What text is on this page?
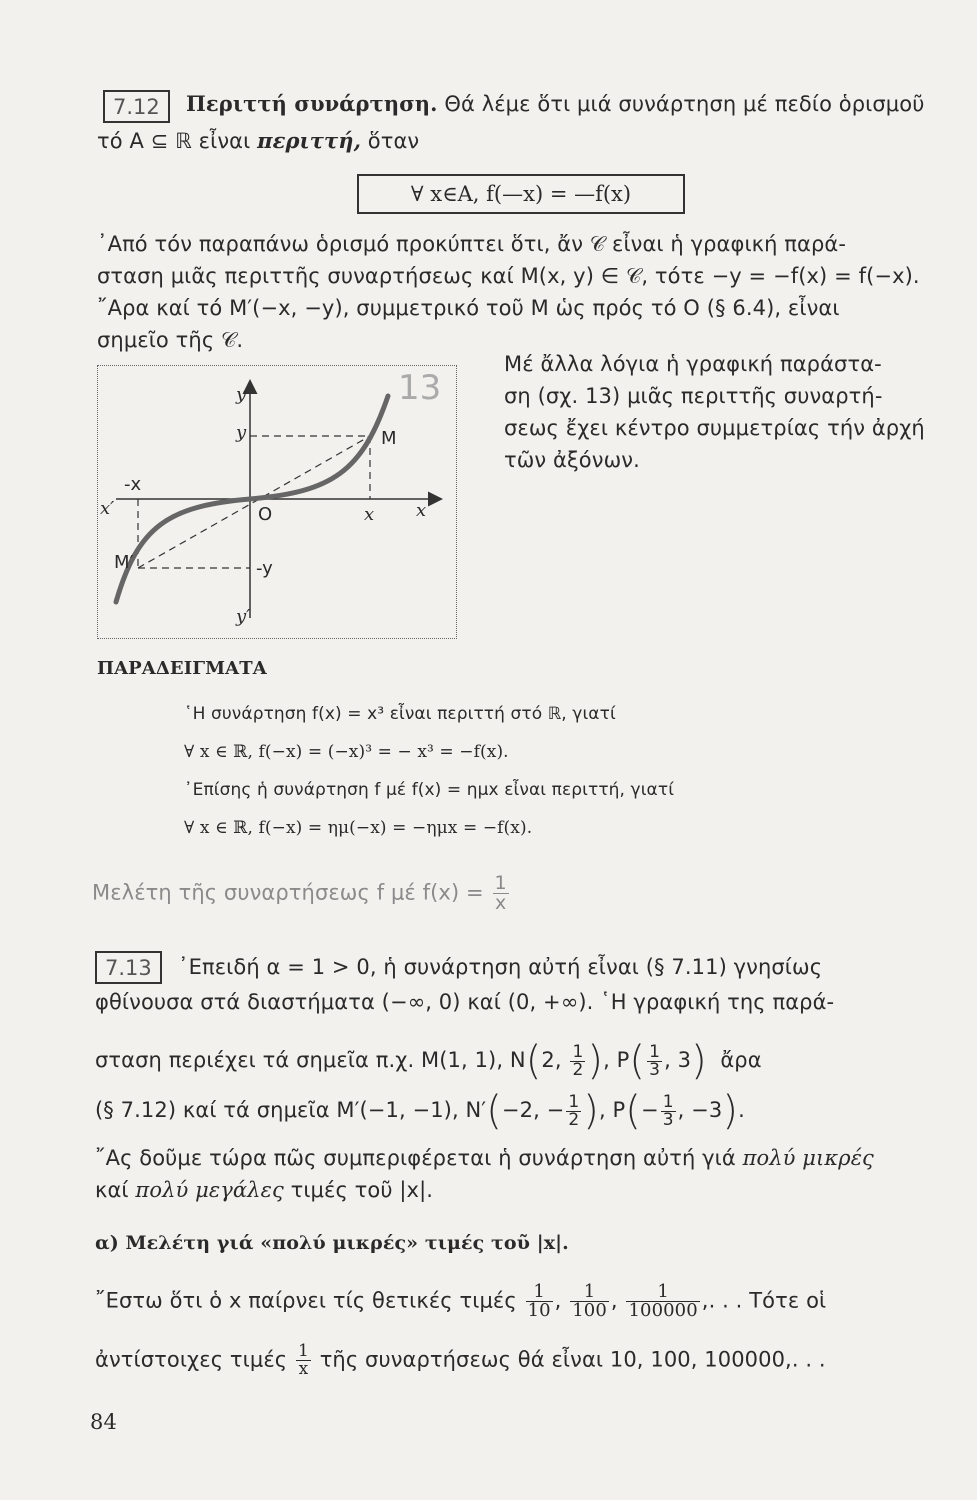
7.12	Περιττή συνάρτηση. Θά λέμε ὅτι μιά συνάρτηση μέ πεδίο ὁρισμοῦ
τό A ⊆ ℝ εἶναι περιττή, ὅταν
∀ x∈A, f(—x) = —f(x)
᾿Από τόν παραπάνω ὁρισμό προκύπτει ὅτι, ἄν 𝒞 εἶναι ἡ γραφική παρά-
σταση μιᾶς περιττῆς συναρτήσεως καί M(x, y) ∈ 𝒞, τότε −y = −f(x) = f(−x).
῎Αρα καί τό M′(−x, −y), συμμετρικό τοῦ M ὡς πρός τό O (§ 6.4), εἶναι
σημεῖο τῆς 𝒞.
13
y
y	M
-x
x′	O	x x
M′	-y
y′
Μέ ἄλλα λόγια ἡ γραφική παράστα-
ση (σχ. 13) μιᾶς περιττῆς συναρτή-
σεως ἔχει κέντρο συμμετρίας τήν ἀρχή
τῶν ἀξόνων.
ΠΑΡΑΔΕΙΓΜΑΤΑ
῾Η συνάρτηση f(x) = x³ εἶναι περιττή στό ℝ, γιατί
∀ x ∈ ℝ, f(−x) = (−x)³ = − x³ = −f(x).
᾿Επίσης ἡ συνάρτηση f μέ f(x) = ημx εἶναι περιττή, γιατί
∀ x ∈ ℝ, f(−x) = ημ(−x) = −ημx = −f(x).
Μελέτη τῆς συναρτήσεως f μέ $f(x) = \frac{1}{x}$
7.13	᾿Επειδή α = 1 > 0, ἡ συνάρτηση αὐτή εἶναι (§ 7.11) γνησίως
φθίνουσα στά διαστήματα (−∞, 0) καί (0, +∞). ῾Η γραφική της παρά-
σταση περιέχει τά σημεῖα π.χ. M(1, 1), N(2, $\frac{1}{2}$ ), $P( \frac{1}{3}$ , 3) ἄρα
(§ 7.12) καί τά σημεῖα M′(−1, −1), N′(−2, − $\frac{1}{2}$ ), $P(- \frac{1}{3}$ , −3).
῎Ας δοῦμε τώρα πῶς συμπεριφέρεται ἡ συνάρτηση αὐτή γιά πολύ μικρές
καί πολύ μεγάλες τιμές τοῦ |x|.
α) Μελέτη γιά «πολύ μικρές» τιμές τοῦ |x|.
῎Εστω ὅτι ὁ x παίρνει τίς θετικές τιμές $\frac{1}{10}$ , $\frac{1}{100}$ , $\frac{1}{100000}$ ,. . . Τότε οἱ
ἀντίστοιχες τιμές $\frac{1}{x}$ τῆς συναρτήσεως θά εἶναι 10, 100, 100000,. . .
84
